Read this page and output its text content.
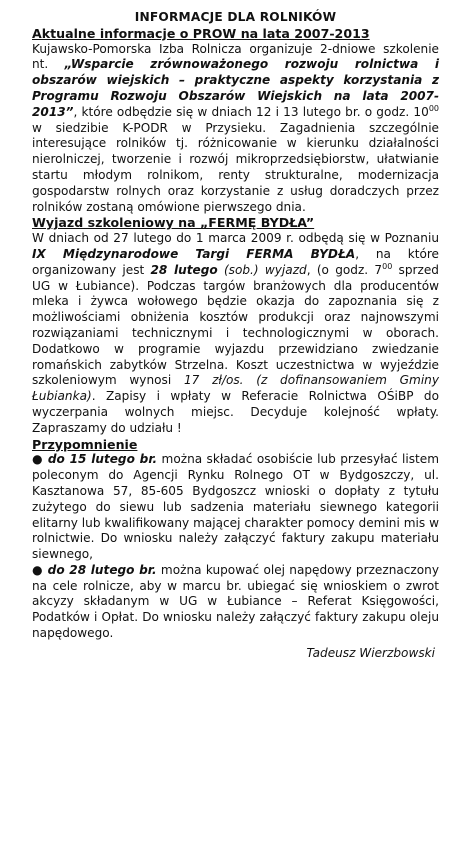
INFORMACJE DLA ROLNIKÓW
Aktualne informacje o PROW na lata 2007-2013

Kujawsko-Pomorska Izba Rolnicza organizuje 2-dniowe szkolenie nt. „Wsparcie zrównoważonego rozwoju rolnictwa i obszarów wiejskich – praktyczne aspekty korzystania z Programu Rozwoju Obszarów Wiejskich na lata 2007-2013”, które odbędzie się w dniach 12 i 13 lutego br. o godz. $10^{00}$ w siedzibie K-PODR w Przysieku. Zagadnienia szczególnie interesujące rolników tj. różnicowanie w kierunku działalności nierolniczej, tworzenie i rozwój mikroprzedsiębiorstw, ułatwianie startu młodym rolnikom, renty strukturalne, modernizacja gospodarstw rolnych oraz korzystanie z usług doradczych przez rolników zostaną omówione pierwszego dnia.

Wyjazd szkoleniowy na „FERMĘ BYDŁA”

W dniach od 27 lutego do 1 marca 2009 r. odbędą się w Poznaniu IX Międzynarodowe Targi FERMA BYDŁA, na które organizowany jest 28 lutego (sob.) wyjazd, (o godz. $7^{00}$ sprzed UG w Łubiance). Podczas targów branżowych dla producentów mleka i żywca wołowego będzie okazja do zapoznania się z możliwościami obniżenia kosztów produkcji oraz najnowszymi rozwiązaniami technicznymi i technologicznymi w oborach. Dodatkowo w programie wyjazdu przewidziano zwiedzanie romańskich zabytków Strzelna. Koszt uczestnictwa w wyjeździe szkoleniowym wynosi 17 zł/os. (z dofinansowaniem Gminy Łubianka). Zapisy i wpłaty w Referacie Rolnictwa OŚiBP do wyczerpania wolnych miejsc. Decyduje kolejność wpłaty. Zapraszamy do udziału !

Przypomnienie

● do 15 lutego br. można składać osobiście lub przesyłać listem poleconym do Agencji Rynku Rolnego OT w Bydgoszczy, ul. Kasztanowa 57, 85-605 Bydgoszcz wnioski o dopłaty z tytułu zużytego do siewu lub sadzenia materiału siewnego kategorii elitarny lub kwalifikowany mającej charakter pomocy demini mis w rolnictwie. Do wniosku należy załączyć faktury zakupu materiału siewnego,

● do 28 lutego br. można kupować olej napędowy przeznaczony na cele rolnicze, aby w marcu br. ubiegać się wnioskiem o zwrot akcyzy składanym w UG w Łubiance – Referat Księgowości, Podatków i Opłat. Do wniosku należy załączyć faktury zakupu oleju napędowego.

Tadeusz Wierzbowski
